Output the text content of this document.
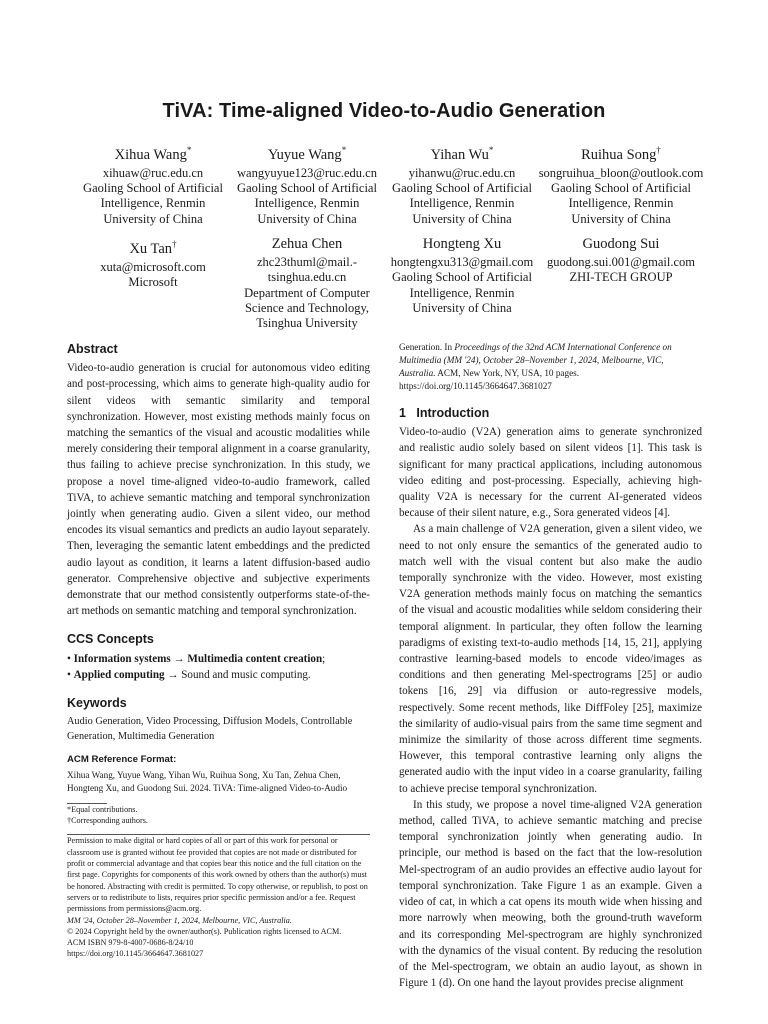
TiVA: Time-aligned Video-to-Audio Generation
Xihua Wang*
xihuaw@ruc.edu.cn
Gaoling School of Artificial
Intelligence, Renmin
University of China
Yuyue Wang*
wangyuyue123@ruc.edu.cn
Gaoling School of Artificial
Intelligence, Renmin
University of China
Yihan Wu*
yihanwu@ruc.edu.cn
Gaoling School of Artificial
Intelligence, Renmin
University of China
Ruihua Song†
songruihua_bloon@outlook.com
Gaoling School of Artificial
Intelligence, Renmin
University of China
Xu Tan†
xuta@microsoft.com
Microsoft
Zehua Chen
zhc23thuml@mail.-
tsinghua.edu.cn
Department of Computer
Science and Technology,
Tsinghua University
Hongteng Xu
hongtengxu313@gmail.com
Gaoling School of Artificial
Intelligence, Renmin
University of China
Guodong Sui
guodong.sui.001@gmail.com
ZHI-TECH GROUP
Abstract

Video-to-audio generation is crucial for autonomous video editing and post-processing, which aims to generate high-quality audio for silent videos with semantic similarity and temporal synchronization. However, most existing methods mainly focus on matching the semantics of the visual and acoustic modalities while merely considering their temporal alignment in a coarse granularity, thus failing to achieve precise synchronization. In this study, we propose a novel time-aligned video-to-audio framework, called TiVA, to achieve semantic matching and temporal synchronization jointly when generating audio. Given a silent video, our method encodes its visual semantics and predicts an audio layout separately. Then, leveraging the semantic latent embeddings and the predicted audio layout as condition, it learns a latent diffusion-based audio generator. Comprehensive objective and subjective experiments demonstrate that our method consistently outperforms state-of-the-art methods on semantic matching and temporal synchronization.

CCS Concepts

• Information systems → Multimedia content creation; • Applied computing → Sound and music computing.

Keywords

Audio Generation, Video Processing, Diffusion Models, Controllable Generation, Multimedia Generation

ACM Reference Format:

Xihua Wang, Yuyue Wang, Yihan Wu, Ruihua Song, Xu Tan, Zehua Chen, Hongteng Xu, and Guodong Sui. 2024. TiVA: Time-aligned Video-to-Audio

*Equal contributions.

†Corresponding authors.

Permission to make digital or hard copies of all or part of this work for personal or classroom use is granted without fee provided that copies are not made or distributed for profit or commercial advantage and that copies bear this notice and the full citation on the first page. Copyrights for components of this work owned by others than the author(s) must be honored. Abstracting with credit is permitted. To copy otherwise, or republish, to post on servers or to redistribute to lists, requires prior specific permission and/or a fee. Request permissions from permissions@acm.org.

MM '24, October 28–November 1, 2024, Melbourne, VIC, Australia.

© 2024 Copyright held by the owner/author(s). Publication rights licensed to ACM.

ACM ISBN 979-8-4007-0686-8/24/10

https://doi.org/10.1145/3664647.3681027

Generation. In Proceedings of the 32nd ACM International Conference on Multimedia (MM '24), October 28–November 1, 2024, Melbourne, VIC, Australia. ACM, New York, NY, USA, 10 pages. https://doi.org/10.1145/3664647.3681027

1 Introduction

Video-to-audio (V2A) generation aims to generate synchronized and realistic audio solely based on silent videos [1]. This task is significant for many practical applications, including autonomous video editing and post-processing. Especially, achieving high-quality V2A is necessary for the current AI-generated videos because of their silent nature, e.g., Sora generated videos [4].

As a main challenge of V2A generation, given a silent video, we need to not only ensure the semantics of the generated audio to match well with the visual content but also make the audio temporally synchronize with the video. However, most existing V2A generation methods mainly focus on matching the semantics of the visual and acoustic modalities while seldom considering their temporal alignment. In particular, they often follow the learning paradigms of existing text-to-audio methods [14, 15, 21], applying contrastive learning-based models to encode video/images as conditions and then generating Mel-spectrograms [25] or audio tokens [16, 29] via diffusion or auto-regressive models, respectively. Some recent methods, like DiffFoley [25], maximize the similarity of audio-visual pairs from the same time segment and minimize the similarity of those across different time segments. However, this temporal contrastive learning only aligns the generated audio with the input video in a coarse granularity, failing to achieve precise temporal synchronization.

In this study, we propose a novel time-aligned V2A generation method, called TiVA, to achieve semantic matching and precise temporal synchronization jointly when generating audio. In principle, our method is based on the fact that the low-resolution Mel-spectrogram of an audio provides an effective audio layout for temporal synchronization. Take Figure 1 as an example. Given a video of cat, in which a cat opens its mouth wide when hissing and more narrowly when meowing, both the ground-truth waveform and its corresponding Mel-spectrogram are highly synchronized with the dynamics of the visual content. By reducing the resolution of the Mel-spectrogram, we obtain an audio layout, as shown in Figure 1 (d). On one hand the layout provides precise alignment
